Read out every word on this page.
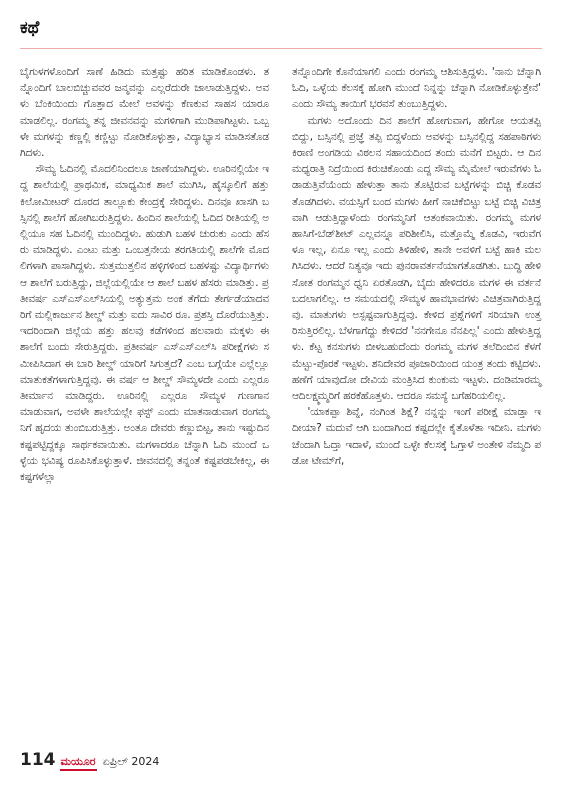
ಕಥೆ

ಬೈಗುಳಗಳೊಂದಿಗೆ ಸಾಣೆ ಹಿಡಿದು ಮತ್ತಷ್ಟು ಹರಿತ ಮಾಡಿಕೊಂಡಳು. ತನ್ನೊಂದಿಗೆ ಬಾಲಬಿಚ್ಚುವವರ ಜನ್ಮವನ್ನು ಎಲ್ಲರೆದುರೇ ಜಾಲಾಡುತ್ತಿದ್ದಳು. ಅವಳು ಬೆಂಕಿಯಿಂದು ಗೊತ್ತಾದ ಮೇಲೆ ಅವಳನ್ನು ಕೆಣಕುವ ಸಾಹಸ ಯಾರೂ ಮಾಡಲಿಲ್ಲ. ರಂಗಮ್ಮ ತನ್ನ ಜೀವನವನ್ನು ಮಗಳಿಗಾಗಿ ಮುಡಿಪಾಗಿಟ್ಟಳು. ಒಬ್ಬಳೇ ಮಗಳನ್ನು ಕಣ್ಣಲ್ಲಿ ಕಣ್ಣಿಟ್ಟು ನೋಡಿಕೊಳ್ಳುತ್ತಾ, ವಿದ್ಯಾಭ್ಯಾಸ ಮಾಡಿಸತೊಡಗಿದಳು.

ಸೌಮ್ಯ ಓದಿನಲ್ಲಿ ಮೊದಲಿನಿಂದಲೂ ಜಾಣೆಯಾಗಿದ್ದಳು. ಊರಿನಲ್ಲಿಯೇ ಇದ್ದ ಶಾಲೆಯಲ್ಲಿ ಪ್ರಾಥಮಿಕ, ಮಾಧ್ಯಮಿಕ ಶಾಲೆ ಮುಗಿಸಿ, ಹೈಸ್ಕೂಲಿಗೆ ಹತ್ತು ಕಿಲೋಮೀಟರ್ ದೂರದ ತಾಲ್ಲೂಕು ಕೇಂದ್ರಕ್ಕೆ ಸೇರಿದ್ದಳು. ದಿನವೂ ಖಾಸಗಿ ಬಸ್ಸಿನಲ್ಲಿ ಶಾಲೆಗೆ ಹೋಗಿಬರುತ್ತಿದ್ದಳು. ಹಿಂದಿನ ಶಾಲೆಯಲ್ಲಿ ಓದಿದ ರೀತಿಯಲ್ಲಿ ಅಲ್ಲಿಯೂ ಸಹ ಓದಿನಲ್ಲಿ ಮುಂದಿದ್ದಳು. ಹುಡುಗಿ ಬಹಳ ಚುರುಕು ಎಂದು ಹೆಸರು ಮಾಡಿದ್ದಳು. ಎಂಟು ಮತ್ತು ಒಂಬತ್ತನೇಯ ತರಗತಿಯಲ್ಲಿ ಶಾಲೆಗೇ ಮೊದಲಿಗಳಾಗಿ ಪಾಸಾಗಿದ್ದಳು. ಸುತ್ತಮುತ್ತಲಿನ ಹಳ್ಳಿಗಳಿಂದ ಬಹಳಷ್ಟು ವಿದ್ಯಾರ್ಥಿಗಳು ಆ ಶಾಲೆಗೆ ಬರುತ್ತಿದ್ದು, ಜಿಲ್ಲೆಯಲ್ಲಿಯೇ ಆ ಶಾಲೆ ಬಹಳ ಹೆಸರು ಮಾಡಿತ್ತು. ಪ್ರತೀವರ್ಷ ಎಸ್‌ಎಸ್‌ಎಲ್‌ಸಿಯಲ್ಲಿ ಅತ್ಯುತ್ತಮ ಅಂಕ ತೆಗೆದು ತೇರ್ಗಡೆಯಾದವರಿಗೆ ಮಲ್ಲಿಕಾರ್ಜುನ ಶೀಲ್ಡ್ ಮತ್ತು ಐದು ಸಾವಿರ ರೂ. ಪ್ರಶಸ್ತಿ ದೊರೆಯುತ್ತಿತ್ತು. ಇದರಿಂದಾಗಿ ಜಿಲ್ಲೆಯ ಹತ್ತು ಹಲವು ಕಡೆಗಳಿಂದ ಹಲವಾರು ಮಕ್ಕಳು ಈ ಶಾಲೆಗೆ ಬಂದು ಸೇರುತ್ತಿದ್ದರು. ಪ್ರತೀವರ್ಷ ಎಸ್‌ಎಸ್‌ಎಲ್‌ಸಿ ಪರೀಕ್ಷೆಗಳು ಸಮೀಪಿಸಿದಾಗ ಈ ಬಾರಿ ಶೀಲ್ಡ್ ಯಾರಿಗೆ ಸಿಗುತ್ತದೆ? ಎಂಬ ಬಗ್ಗೆಯೇ ಎಲ್ಲೆಲ್ಲೂ ಮಾತುಕತೆಗಳಾಗುತ್ತಿದ್ದವು. ಈ ವರ್ಷ ಆ ಶೀಲ್ಡ್ ಸೌಮ್ಯಳದೇ ಎಂದು ಎಲ್ಲರೂ ತೀರ್ಮಾನ ಮಾಡಿದ್ದರು. ಊರಿನಲ್ಲಿ ಎಲ್ಲರೂ ಸೌಮ್ಯಳ ಗುಣಗಾನ ಮಾಡುವಾಗ, ಅವಳೇ ಶಾಲೆಯಲ್ಲೇ ಫಸ್ಟ್ ಎಂದು ಮಾತನಾಡುವಾಗ ರಂಗಮ್ಮನಿಗೆ ಹೃದಯ ತುಂಬಿಬರುತ್ತಿತ್ತು. ಅಂತೂ ದೇವರು ಕಣ್ಣುಬಿಟ್ಟ, ತಾನು ಇಷ್ಟುದಿನ ಕಷ್ಟಪಟ್ಟಿದ್ದಕ್ಕೂ ಸಾರ್ಥಕವಾಯಿತು. ಮಗಳಾದರೂ ಚೆನ್ನಾಗಿ ಓದಿ ಮುಂದೆ ಒಳ್ಳೆಯ ಭವಿಷ್ಯ ರೂಪಿಸಿಕೊಳ್ಳುತ್ತಾಳೆ. ಜೀವನದಲ್ಲಿ ತನ್ನಂತೆ ಕಷ್ಟಪಡಬೇಕಿಲ್ಲ, ಈ ಕಷ್ಟಗಳೆಲ್ಲಾ

ತನ್ನೊಂದಿಗೇ ಕೊನೆಯಾಗಲಿ ಎಂದು ರಂಗಮ್ಮ ಆಶಿಸುತ್ತಿದ್ದಳು. 'ನಾನು ಚೆನ್ನಾಗಿ ಓದಿ, ಒಳ್ಳೆಯ ಕೆಲಸಕ್ಕೆ ಹೋಗಿ ಮುಂದೆ ನಿನ್ನನ್ನು ಚೆನ್ನಾಗಿ ನೋಡಿಕೊಳ್ಳುತ್ತೇನೆ' ಎಂದು ಸೌಮ್ಯ ತಾಯಿಗೆ ಭರವಸೆ ತುಂಬುತ್ತಿದ್ದಳು.

ಮಗಳು ಅದೊಂದು ದಿನ ಶಾಲೆಗೆ ಹೋಗುವಾಗ, ಹೇಗೋ ಆಯತಪ್ಪಿ ಬಿದ್ದು, ಬಸ್ಸಿನಲ್ಲಿ ಪ್ರಜ್ಞೆ ತಪ್ಪಿ ಬಿದ್ದಳೆಂದು ಅವಳನ್ನು ಬಸ್ಸಿನಲ್ಲಿದ್ದ ಸಹಪಾಠಿಗಳು ಕಿರಾಣಿ ಅಂಗಡಿಯ ವಿಠಲನ ಸಹಾಯದಿಂದ ತಂದು ಮನೆಗೆ ಬಿಟ್ಟರು. ಆ ದಿನ ಮಧ್ಯರಾತ್ರಿ ನಿದ್ರೆಯಿಂದ ಕಿರುಚಿಕೊಂಡು ಎದ್ದ ಸೌಮ್ಯ ಮೈಮೇಲೆ ಇರುವೆಗಳು ಓಡಾಡುತ್ತಿವೆಯೆಂದು ಹೇಳುತ್ತಾ ತಾನು ತೊಟ್ಟಿರುವ ಬಟ್ಟೆಗಳನ್ನು ಬಿಚ್ಚಿ ಕೊಡವತೊಡಗಿದಳು. ವಯಸ್ಸಿಗೆ ಬಂದ ಮಗಳು ಹೀಗೆ ನಾಚಿಕೆಬಿಟ್ಟು ಬಟ್ಟೆ ಬಿಚ್ಚಿ ವಿಚಿತ್ರವಾಗಿ ಆಡುತ್ತಿದ್ದಾಳೆಂದು ರಂಗಮ್ಮನಿಗೆ ಆತಂಕವಾಯಿತು. ರಂಗಮ್ಮ ಮಗಳ ಹಾಸಿಗೆ-ಬೆಡ್‌ಶೀಟ್ ಎಲ್ಲವನ್ನೂ ಪರಿಶೀಲಿಸಿ, ಮತ್ತೊಮ್ಮೆ ಕೊಡವಿ, ಇರುವೆಗಳೂ ಇಲ್ಲ, ಏನೂ ಇಲ್ಲ ಎಂದು ತಿಳಿಹೇಳಿ, ತಾನೇ ಅವಳಿಗೆ ಬಟ್ಟೆ ಹಾಕಿ ಮಲಗಿಸಿದಳು. ಆದರೆ ನಿತ್ಯವೂ ಇದು ಪುನರಾವರ್ತನೆಯಾಗತೊಡಗಿತು. ಬುದ್ಧಿ ಹೇಳಿ ಸೋತ ರಂಗಮ್ಮನ ಧ್ವನಿ ಏರತೊಡಗಿ, ಬೈದು ಹೇಳಿದರೂ ಮಗಳ ಈ ವರ್ತನೆ ಬದಲಾಗಲಿಲ್ಲ. ಆ ಸಮಯದಲ್ಲಿ ಸೌಮ್ಯಳ ಹಾವಭಾವಗಳು ವಿಚಿತ್ರವಾಗಿರುತ್ತಿದ್ದವು. ಮಾತುಗಳು ಅಸ್ಪಷ್ಟವಾಗುತ್ತಿದ್ದವು. ಕೇಳಿದ ಪ್ರಶ್ನೆಗಳಿಗೆ ಸರಿಯಾಗಿ ಉತ್ತರಿಸುತ್ತಿರಲಿಲ್ಲ. ಬೆಳಗಾಗೆದ್ದು ಕೇಳಿದರೆ 'ನನಗೇನೂ ನೆನಪಿಲ್ಲ' ಎಂದು ಹೇಳುತ್ತಿದ್ದಳು. ಕೆಟ್ಟ ಕನಸುಗಳು ಬೀಳಬಹುದೆಂದು ರಂಗಮ್ಮ ಮಗಳ ತಲೆದಿಂಬಿನ ಕೆಳಗೆ ಮೆಟ್ಟು-ಪೊರಕೆ ಇಟ್ಟಳು. ಶನಿದೇವರ ಪೂಜಾರಿಯಿಂದ ಯಂತ್ರ ತಂದು ಕಟ್ಟಿದಳು. ಹಣೆಗೆ ಯಾವುದೋ ದೇವಿಯ ಮಂತ್ರಿಸಿದ ಕುಂಕುಮ ಇಟ್ಟಳು. ದಂಡಿಮಾರಮ್ಮ ಆದಿಲಕ್ಷ್ಮಮ್ಮರಿಗೆ ಹರಕೆಹೊತ್ತಳು. ಆದರೂ ಸಮಸ್ಯೆ ಬಗೆಹರಿಯಲಿಲ್ಲ.

'ಯಾಕಪ್ಪಾ ಶಿವ್ನೆ, ನಂಗಿಂತ ಶಿಕ್ಷೆ? ನನ್ನನ್ನು ಇಂಗೆ ಪರೀಕ್ಷೆ ಮಾಡ್ತಾ ಇದೀಯಾ? ಮದುವೆ ಆಗಿ ಬಂದಾಗಿಂದ ಕಷ್ಟದಲ್ಲೇ ಕೈತೊಳೆತಾ ಇದೀನಿ. ಮಗಳು ಚೆಂದಾಗಿ ಓದ್ತಾ ಇದಾಳೆ, ಮುಂದೆ ಒಳ್ಳೇ ಕೆಲಸಕ್ಕೆ ಓಗ್ತಾಳೆ ಅಂತೇಳಿ ನೆಮ್ಮದಿ ಪಡೋ ಟೇಮ್‌ಗೆ,

114 ಮಯೂರ ಏಪ್ರಿಲ್ 2024
